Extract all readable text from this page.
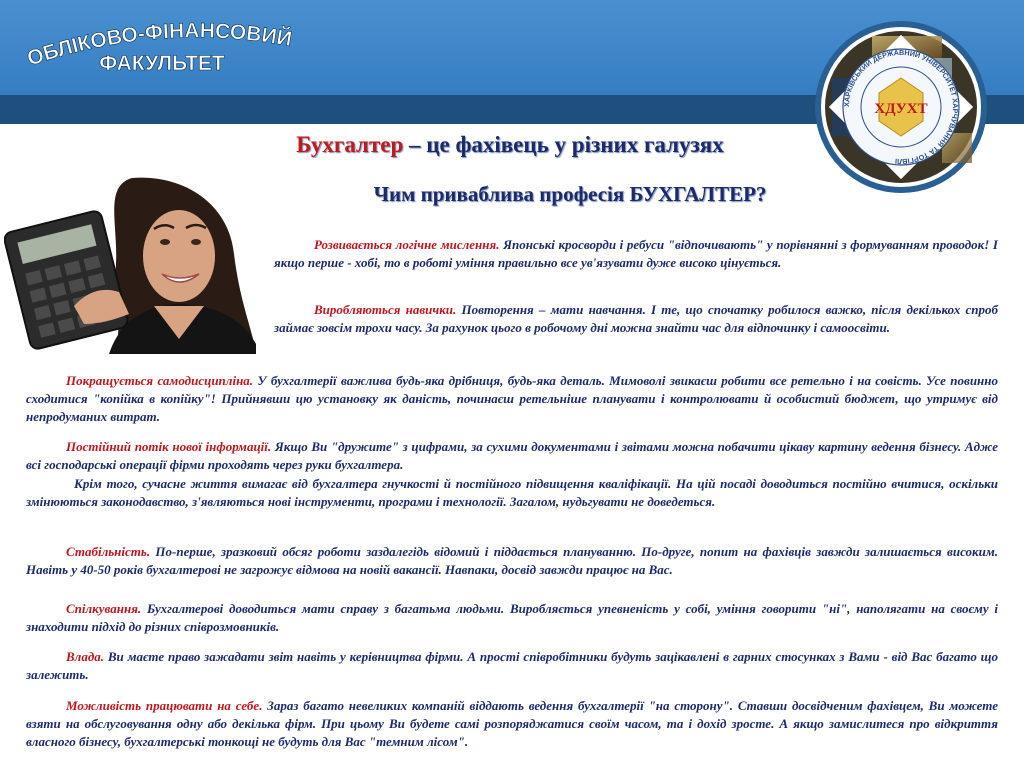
ОБЛІКОВО-ФІНАНСОВИЙ
ФАКУЛЬТЕТ
ХАРКІВСЬКИЙ ДЕРЖАВНИЙ УНІВЕРСИТЕТ ХАРЧУВАННЯ ТА ТОРГІВЛІ
ХДУХТ
Бухгалтер – це фахівець у різних галузях
Чим приваблива професія БУХГАЛТЕР?

Розвивається логічне мислення. Японські кросворди і ребуси "відпочивають" у порівнянні з формуванням проводок! І якщо перше - хобі, то в роботі уміння правильно все ув'язувати дуже високо цінується.

Виробляються навички. Повторення – мати навчання. І те, що спочатку робилося важко, після декількох спроб займає зовсім трохи часу. За рахунок цього в робочому дні можна знайти час для відпочинку і самоосвіти.

Покращується самодисципліна. У бухгалтерії важлива будь-яка дрібниця, будь-яка деталь. Мимоволі звикаєш робити все ретельно і на совість. Усе повинно сходитися "копійка в копійку"! Прийнявши цю установку як даність, починаєш ретельніше планувати і контролювати й особистий бюджет, що утримує від непродуманих витрат.

Постійний потік нової інформації. Якщо Ви "дружите" з цифрами, за сухими документами і звітами можна побачити цікаву картину ведення бізнесу. Адже всі господарські операції фірми проходять через руки бухгалтера.

Крім того, сучасне життя вимагає від бухгалтера гнучкості й постійного підвищення кваліфікації. На цій посаді доводиться постійно вчитися, оскільки змінюються законодавство, з'являються нові інструменти, програми і технології. Загалом, нудьгувати не доведеться.

Стабільність. По-перше, зразковий обсяг роботи заздалегідь відомий і піддається плануванню. По-друге, попит на фахівців завжди залишається високим. Навіть у 40-50 років бухгалтерові не загрожує відмова на новій вакансії. Навпаки, досвід завжди працює на Вас.

Спілкування. Бухгалтерові доводиться мати справу з багатьма людьми. Виробляється упевненість у собі, уміння говорити "ні", наполягати на своєму і знаходити підхід до різних співрозмовників.

Влада. Ви маєте право зажадати звіт навіть у керівництва фірми. А прості співробітники будуть зацікавлені в гарних стосунках з Вами - від Вас багато що залежить.

Можливість працювати на себе. Зараз багато невеликих компаній віддають ведення бухгалтерії "на сторону". Ставши досвідченим фахівцем, Ви можете взяти на обслуговування одну або декілька фірм. При цьому Ви будете самі розпоряджатися своїм часом, та і дохід зросте. А якщо замислитеся про відкриття власного бізнесу, бухгалтерські тонкощі не будуть для Вас "темним лісом".
